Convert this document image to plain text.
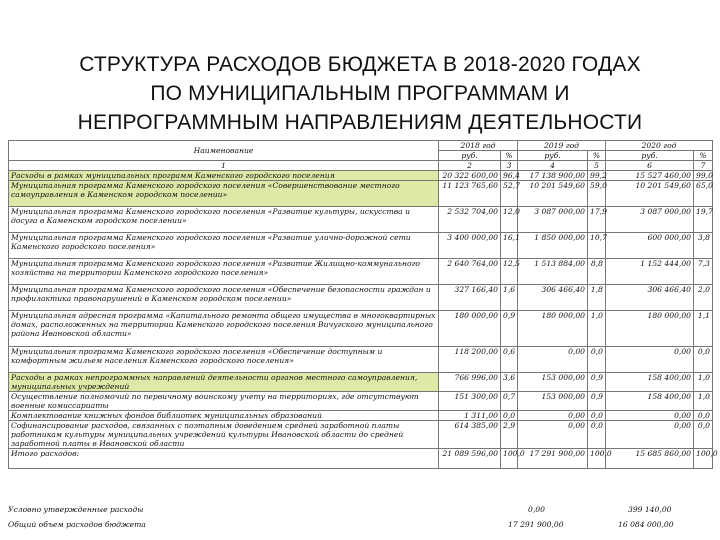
СТРУКТУРА РАСХОДОВ БЮДЖЕТА В 2018-2020 ГОДАХ
ПО МУНИЦИПАЛЬНЫМ ПРОГРАММАМ И
НЕПРОГРАММНЫМ НАПРАВЛЕНИЯМ ДЕЯТЕЛЬНОСТИ
Наименование	2018 год		2019 год		2020 год	
	руб.	%	руб.	%	руб.	%
1	2	3	4	5	6	7
Расходы в рамках муниципальных программ Каменского городского поселения	20 322 600,00	96,4	17 138 900,00	99,2	15 527 460,00	99,0
Муниципальная программа Каменского городского поселения «Совершенствование местного самоуправления в Каменском городском поселении»	11 123 765,60	52,7	10 201 549,60	59,0	10 201 549,60	65,0
Муниципальная программа Каменского городского поселения «Развитие культуры, искусства и досуга в Каменском городском поселении»	2 532 704,00	12,0	3 087 000,00	17,9	3 087 000,00	19,7
Муниципальная программа Каменского городского поселения «Развитие улично-дорожной сети Каменского городского поселения»	3 400 000,00	16,1	1 850 000,00	10,7	600 000,00	3,8
Муниципальная программа Каменского городского поселения «Развитие Жилищно-коммунального хозяйства на территории Каменского городского поселения»	2 640 764,00	12,5	1 513 884,00	8,8	1 152 444,00	7,3
Муниципальная программа Каменского городского поселения «Обеспечение безопасности граждан и профилактика правонарушений в Каменском городском поселении»	327 166,40	1,6	306 466,40	1,8	306 466,40	2,0
Муниципальная адресная программа «Капитального ремонта общего имущества в многоквартирных домах, расположенных на территории Каменского городского поселения Вичугского муниципального района Ивановской области»	180 000,00	0,9	180 000,00	1,0	180 000,00	1,1
Муниципальная программа Каменского городского поселения «Обеспечение доступным и комфортным жильем населения Каменского городского поселения»	118 200,00	0,6	0,00	0,0	0,00	0,0
Расходы в рамках непрограммных направлений деятельности органов местного самоуправления, муниципальных учреждений	766 996,00	3,6	153 000,00	0,9	158 400,00	1,0
Осуществление полномочий по первичному воинскому учету на территориях, где отсутствуют военные комиссариаты	151 300,00	0,7	153 000,00	0,9	158 400,00	1,0
Комплектование книжных фондов библиотек муниципальных образований	1 311,00	0,0	0,00	0,0	0,00	0,0
Софинансирование расходов, связанных с поэтапным доведением средней заработной платы работникам культуры муниципальных учреждений культуры Ивановской области до средней заработной платы в Ивановской области	614 385,00	2,9	0,00	0,0	0,00	0,0
Итого расходов:	21 089 596,00	100,0	17 291 900,00	100,0	15 685 860,00	100,0
Условно утвержденные расходы	0,00	399 140,00
Общий объем расходов бюджета	17 291 900,00	16 084 000,00
